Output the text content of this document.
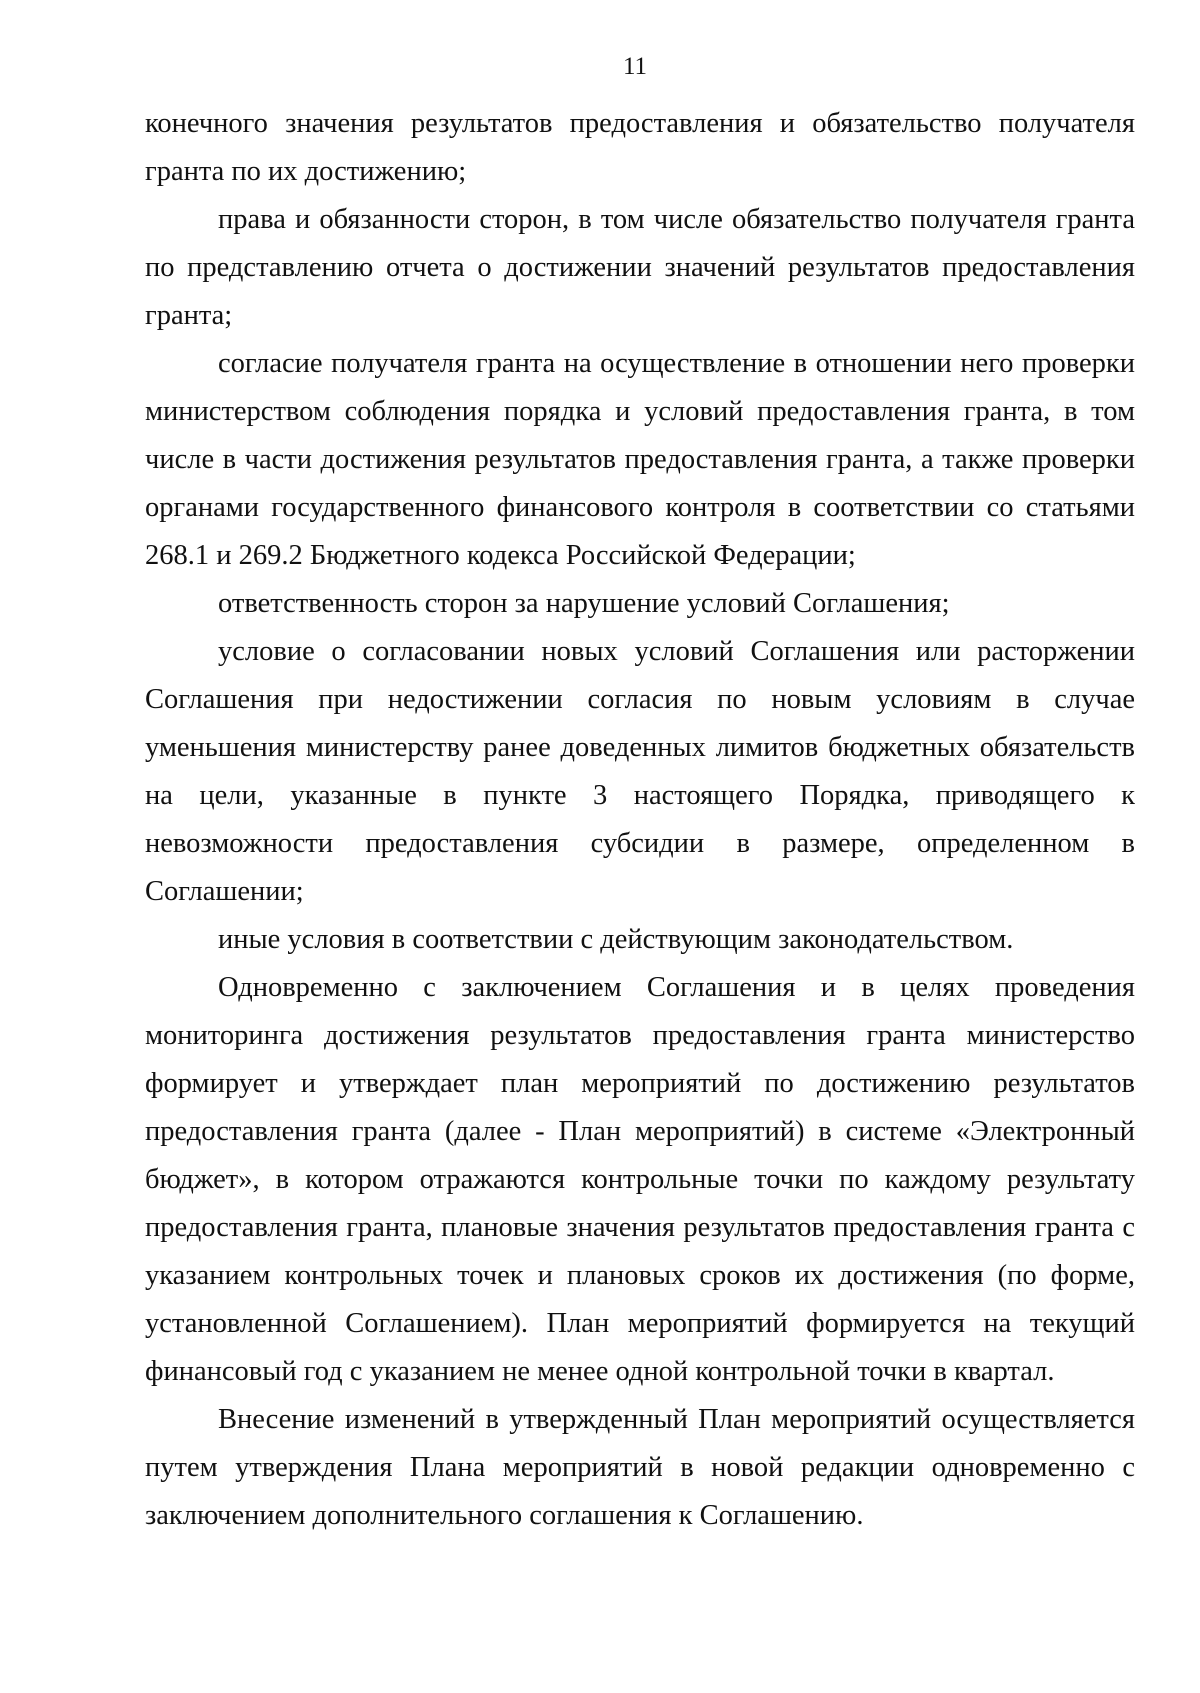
11

конечного значения результатов предоставления и обязательство получателя гранта по их достижению;

права и обязанности сторон, в том числе обязательство получателя гранта по представлению отчета о достижении значений результатов предоставления гранта;

согласие получателя гранта на осуществление в отношении него проверки министерством соблюдения порядка и условий предоставления гранта, в том числе в части достижения результатов предоставления гранта, а также проверки органами государственного финансового контроля в соответствии со статьями 268.1 и 269.2 Бюджетного кодекса Российской Федерации;

ответственность сторон за нарушение условий Соглашения;

условие о согласовании новых условий Соглашения или расторжении Соглашения при недостижении согласия по новым условиям в случае уменьшения министерству ранее доведенных лимитов бюджетных обязательств на цели, указанные в пункте 3 настоящего Порядка, приводящего к невозможности предоставления субсидии в размере, определенном в Соглашении;

иные условия в соответствии с действующим законодательством.

Одновременно с заключением Соглашения и в целях проведения мониторинга достижения результатов предоставления гранта министерство формирует и утверждает план мероприятий по достижению результатов предоставления гранта (далее - План мероприятий) в системе «Электронный бюджет», в котором отражаются контрольные точки по каждому результату предоставления гранта, плановые значения результатов предоставления гранта с указанием контрольных точек и плановых сроков их достижения (по форме, установленной Соглашением). План мероприятий формируется на текущий финансовый год с указанием не менее одной контрольной точки в квартал.

Внесение изменений в утвержденный План мероприятий осуществляется путем утверждения Плана мероприятий в новой редакции одновременно с заключением дополнительного соглашения к Соглашению.
